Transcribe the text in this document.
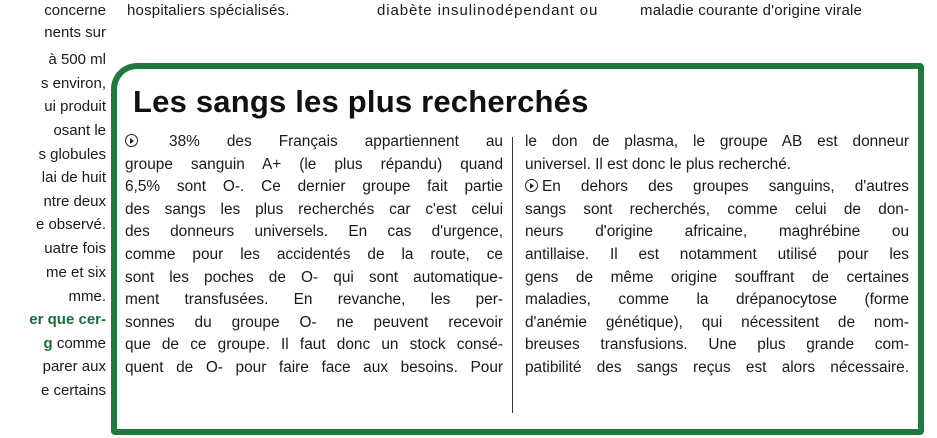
hospitaliers spécialisés.	diabète insulinodépendant ou	maladie courante d'origine virale
concerne
nents sur
à 500 ml
s environ,
ui produit
osant le
s globules
lai de huit
ntre deux
e observé.
uatre fois
me et six
mme.
er que cer-
g comme
parer aux
e certains
Les sangs les plus recherchés
38% des Français appartiennent au
groupe sanguin A+ (le plus répandu) quand
6,5% sont O-. Ce dernier groupe fait partie
des sangs les plus recherchés car c'est celui
des donneurs universels. En cas d'urgence,
comme pour les accidentés de la route, ce
sont les poches de O- qui sont automatique-
ment transfusées. En revanche, les per-
sonnes du groupe O- ne peuvent recevoir
que de ce groupe. Il faut donc un stock consé-
quent de O- pour faire face aux besoins. Pour
le don de plasma, le groupe AB est donneur
universel. Il est donc le plus recherché.
En dehors des groupes sanguins, d'autres
sangs sont recherchés, comme celui de don-
neurs d'origine africaine, maghrébine ou
antillaise. Il est notamment utilisé pour les
gens de même origine souffrant de certaines
maladies, comme la drépanocytose (forme
d'anémie génétique), qui nécessitent de nom-
breuses transfusions. Une plus grande com-
patibilité des sangs reçus est alors nécessaire.
